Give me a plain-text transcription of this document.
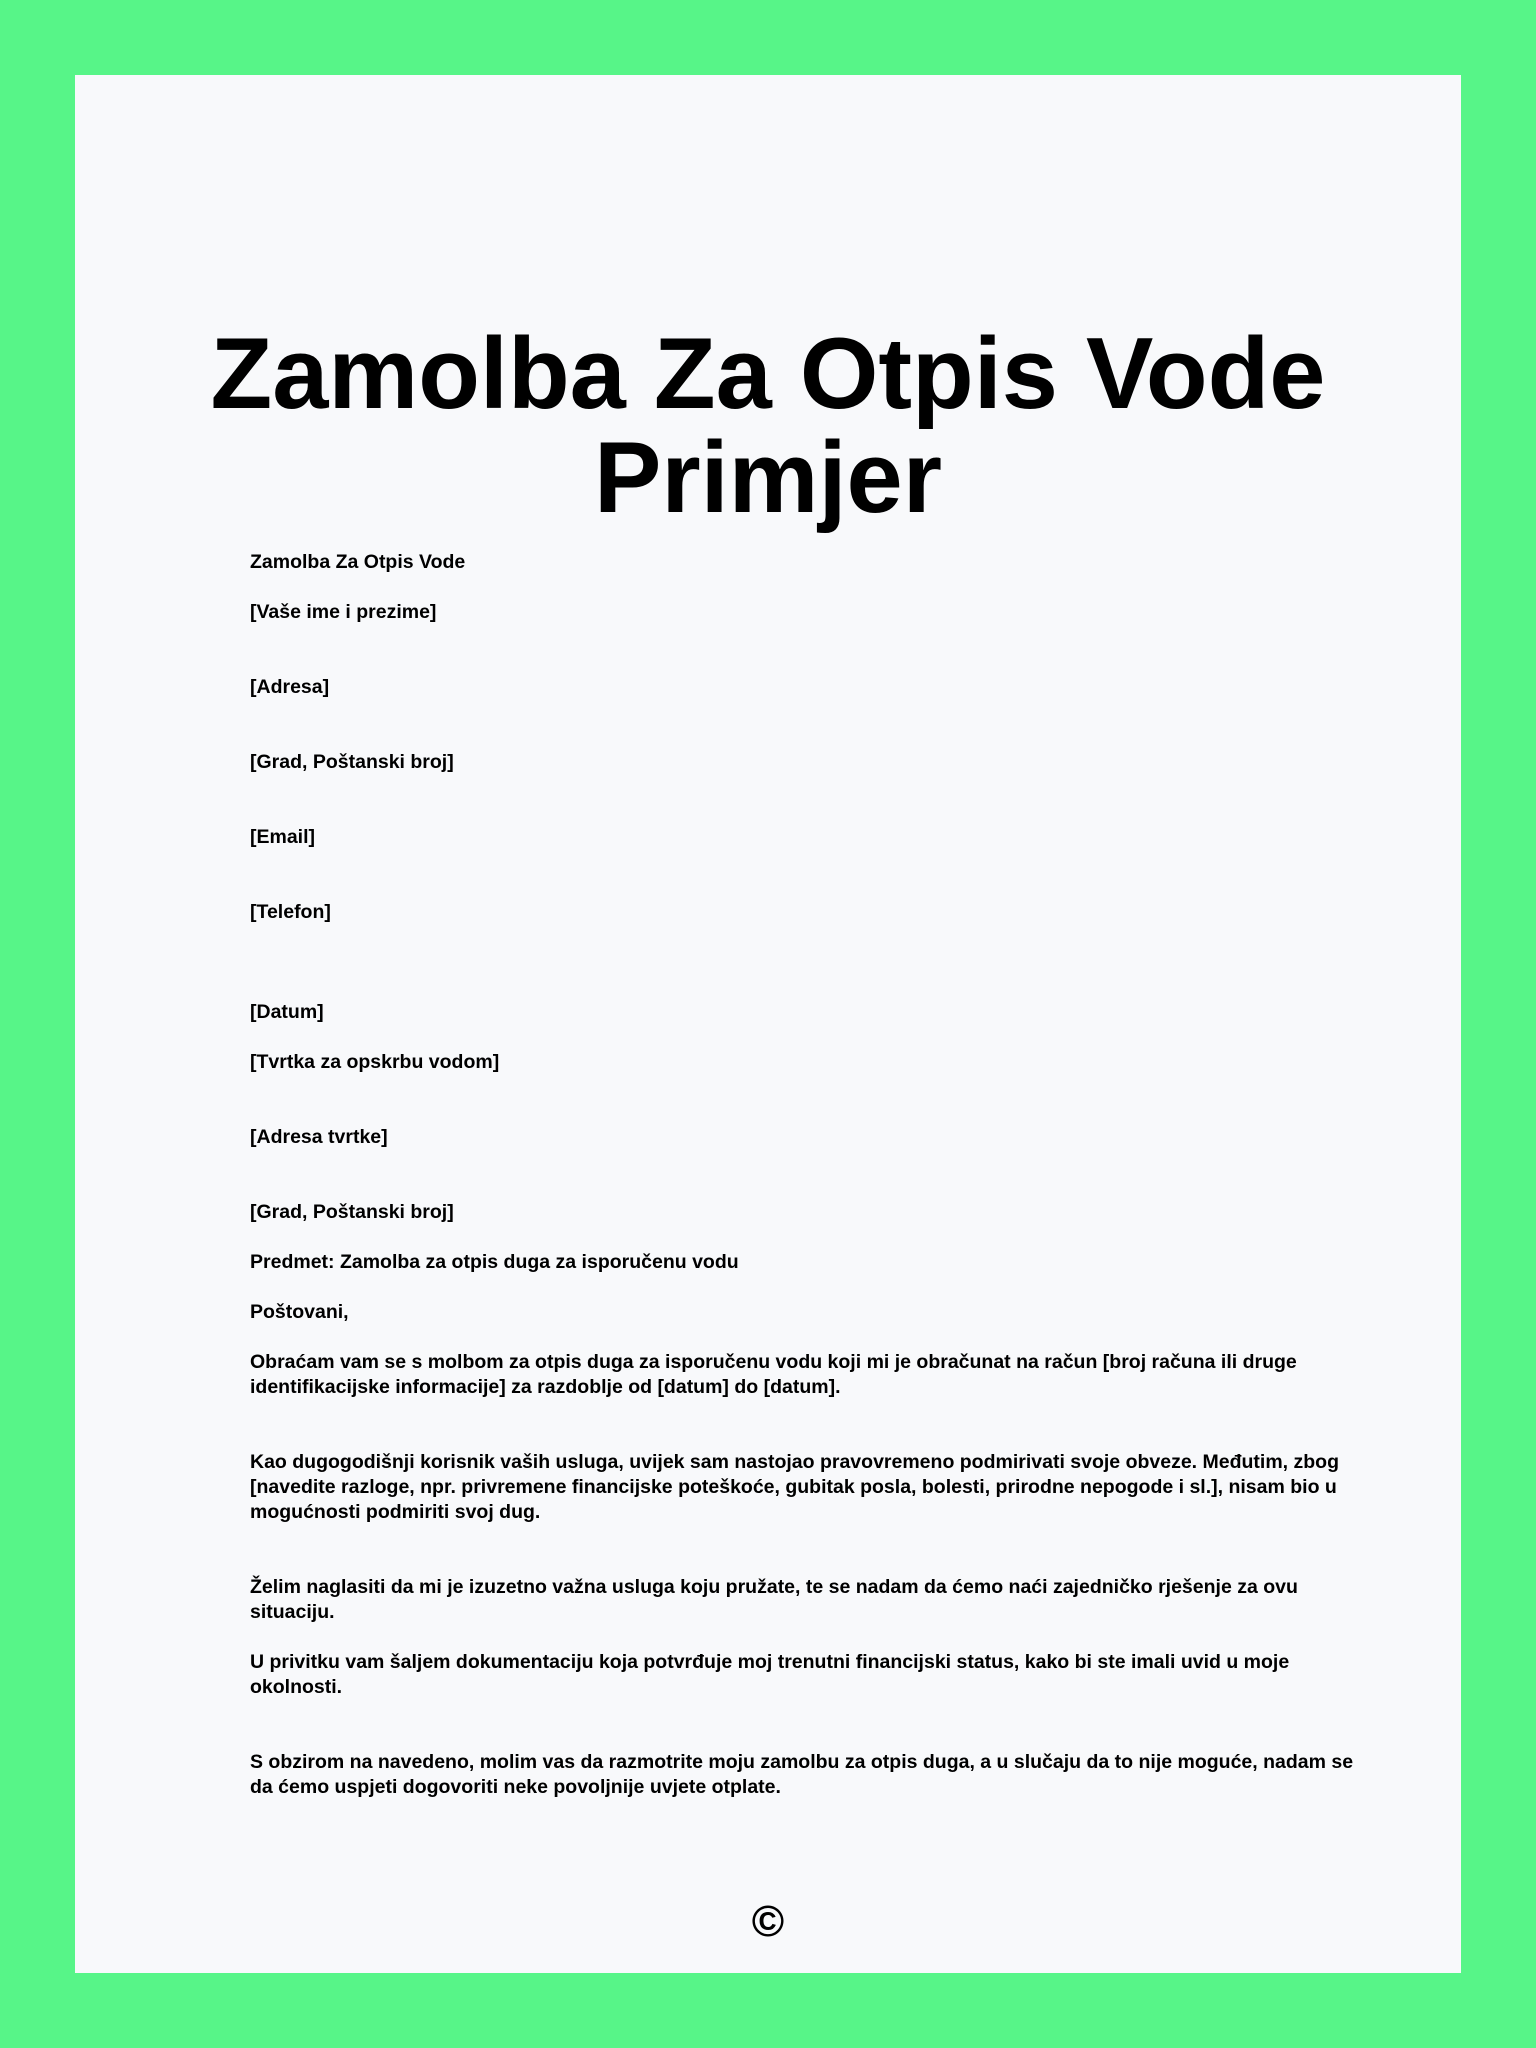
Zamolba Za Otpis Vode
Primjer

Zamolba Za Otpis Vode

[Vaše ime i prezime]

[Adresa]

[Grad, Poštanski broj]

[Email]

[Telefon]

[Datum]

[Tvrtka za opskrbu vodom]

[Adresa tvrtke]

[Grad, Poštanski broj]

Predmet: Zamolba za otpis duga za isporučenu vodu

Poštovani,

Obraćam vam se s molbom za otpis duga za isporučenu vodu koji mi je obračunat na račun [broj računa ili druge identifikacijske informacije] za razdoblje od [datum] do [datum].

Kao dugogodišnji korisnik vaših usluga, uvijek sam nastojao pravovremeno podmirivati svoje obveze. Međutim, zbog [navedite razloge, npr. privremene financijske poteškoće, gubitak posla, bolesti, prirodne nepogode i sl.], nisam bio u mogućnosti podmiriti svoj dug.

Želim naglasiti da mi je izuzetno važna usluga koju pružate, te se nadam da ćemo naći zajedničko rješenje za ovu situaciju.

U privitku vam šaljem dokumentaciju koja potvrđuje moj trenutni financijski status, kako bi ste imali uvid u moje okolnosti.

S obzirom na navedeno, molim vas da razmotrite moju zamolbu za otpis duga, a u slučaju da to nije moguće, nadam se da ćemo uspjeti dogovoriti neke povoljnije uvjete otplate.

©
